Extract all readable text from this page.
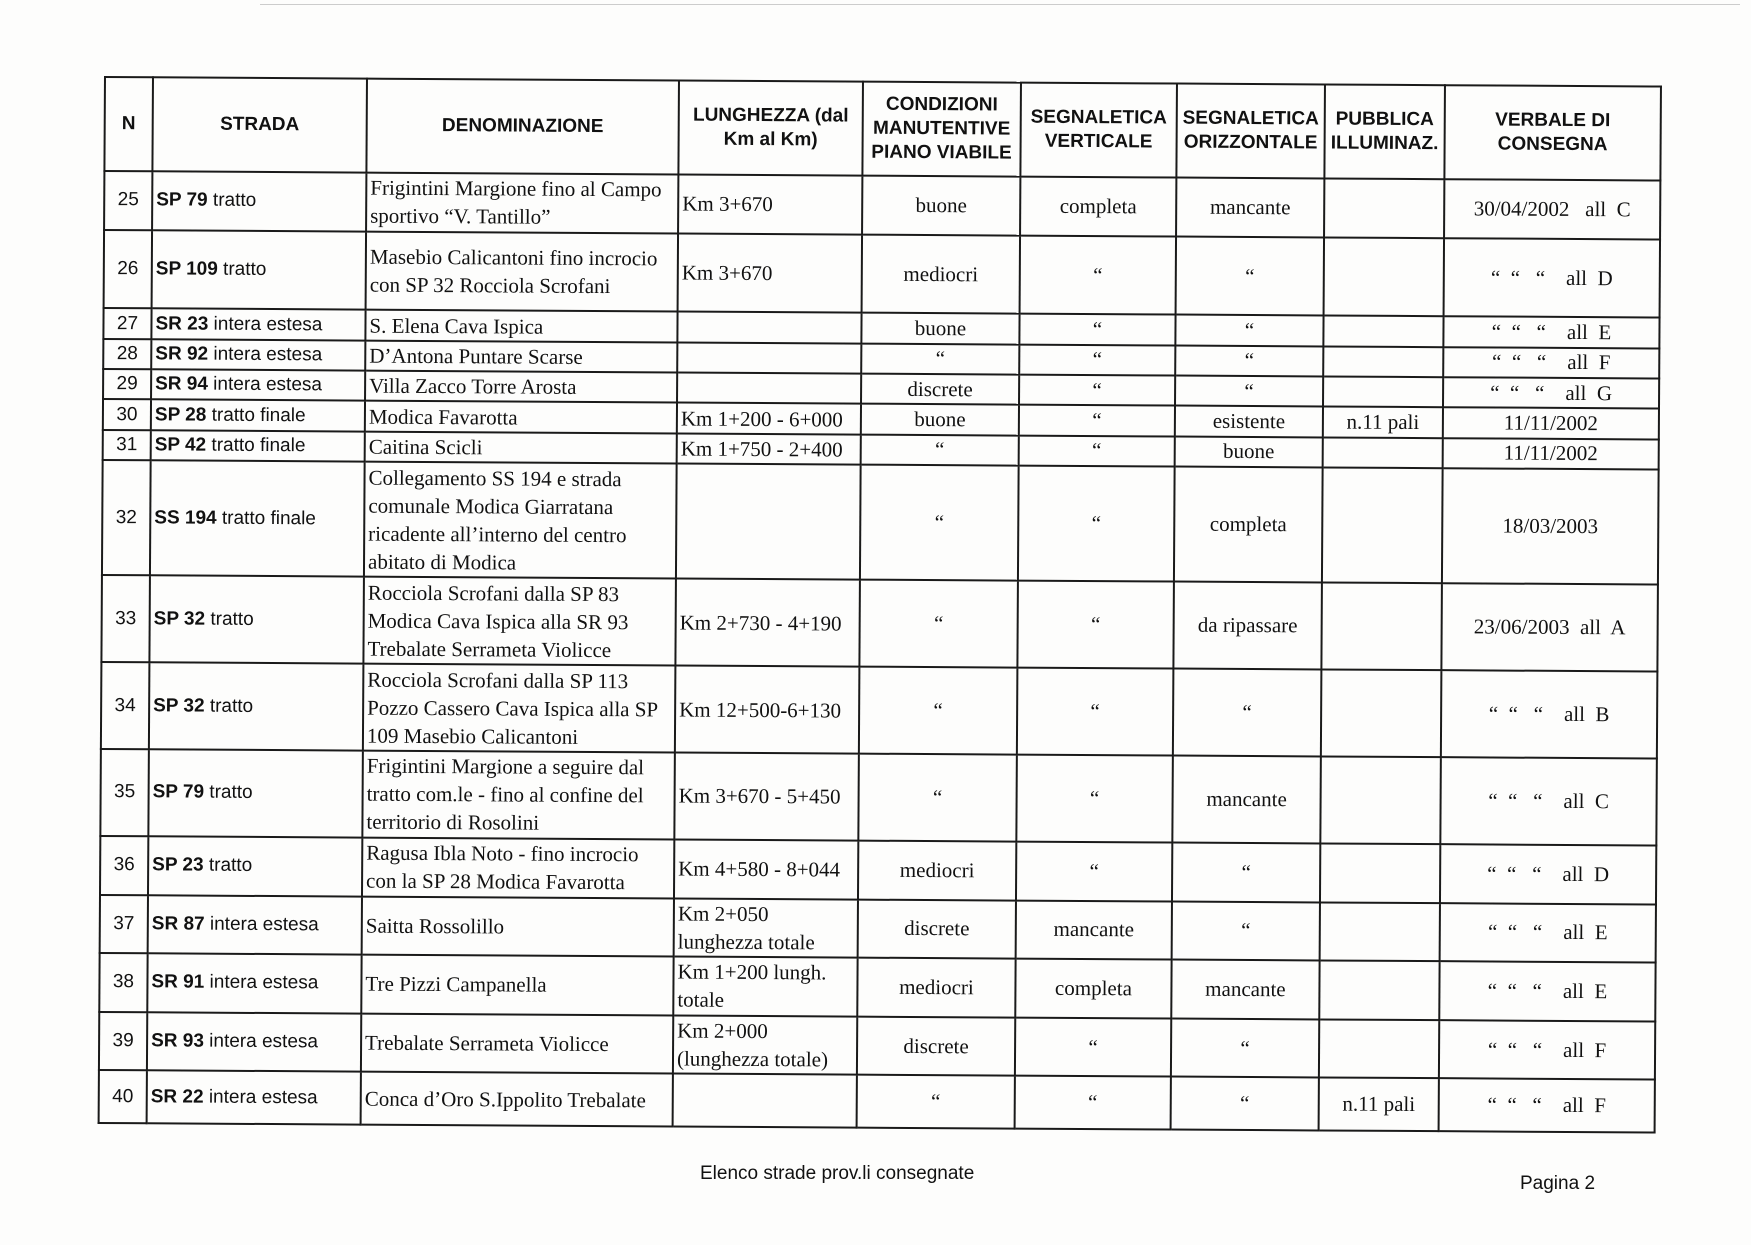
N	STRADA	DENOMINAZIONE	LUNGHEZZA (dal Km al Km)	CONDIZIONI MANUTENTIVE PIANO VIABILE	SEGNALETICA VERTICALE	SEGNALETICA ORIZZONTALE	PUBBLICA ILLUMINAZ.	VERBALE DI CONSEGNA
25	SP 79 tratto	Frigintini Margione fino al Campo sportivo “V. Tantillo”	Km 3+670	buone	completa	mancante		30/04/2002   all  C
26	SP 109 tratto	Masebio Calicantoni fino incrocio con SP 32 Rocciola Scrofani	Km 3+670	mediocri	“	“		“  “   “    all  D
27	SR 23 intera estesa	S. Elena Cava Ispica		buone	“	“		“  “   “    all  E
28	SR 92 intera estesa	D’Antona Puntare Scarse		“	“	“		“  “   “    all  F
29	SR 94 intera estesa	Villa Zacco Torre Arosta		discrete	“	“		“  “   “    all  G
30	SP 28 tratto finale	Modica Favarotta	Km 1+200 - 6+000	buone	“	esistente	n.11 pali	11/11/2002
31	SP 42 tratto finale	Caitina Scicli	Km 1+750 - 2+400	“	“	buone		11/11/2002
32	SS 194 tratto finale	Collegamento SS 194 e strada comunale Modica Giarratana ricadente all’interno del centro abitato di Modica		“	“	completa		18/03/2003
33	SP 32 tratto	Rocciola Scrofani dalla SP 83 Modica Cava Ispica alla SR 93 Trebalate Serrameta Violicce	Km 2+730 - 4+190	“	“	da ripassare		23/06/2003  all  A
34	SP 32 tratto	Rocciola Scrofani dalla SP 113 Pozzo Cassero Cava Ispica alla SP 109 Masebio Calicantoni	Km 12+500-6+130	“	“	“		“  “   “    all  B
35	SP 79 tratto	Frigintini Margione a seguire dal tratto com.le - fino al confine del territorio di Rosolini	Km 3+670 - 5+450	“	“	mancante		“  “   “    all  C
36	SP 23 tratto	Ragusa Ibla Noto - fino incrocio con la SP 28 Modica Favarotta	Km 4+580 - 8+044	mediocri	“	“		“  “   “    all  D
37	SR 87 intera estesa	Saitta Rossolillo	Km 2+050 lunghezza totale	discrete	mancante	“		“  “   “    all  E
38	SR 91 intera estesa	Tre Pizzi Campanella	Km 1+200 lungh. totale	mediocri	completa	mancante		“  “   “    all  E
39	SR 93 intera estesa	Trebalate Serrameta Violicce	Km 2+000 (lunghezza totale)	discrete	“	“		“  “   “    all  F
40	SR 22 intera estesa	Conca d’Oro S.Ippolito Trebalate		“	“	“	n.11 pali	“  “   “    all  F
Elenco strade prov.li consegnate	Pagina 2
